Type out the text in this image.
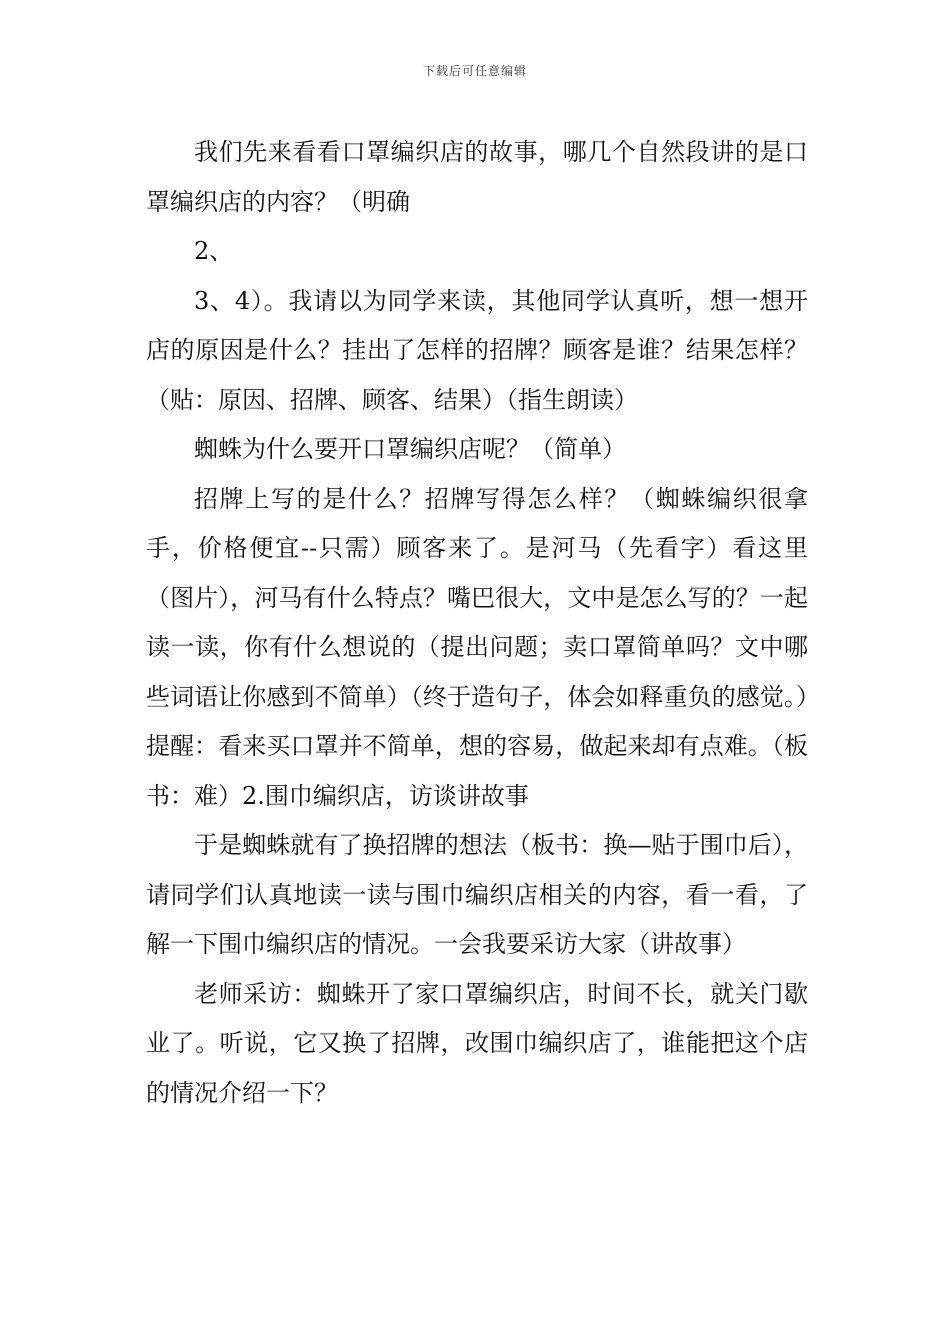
下载后可任意编辑

我们先来看看口罩编织店的故事，哪几个自然段讲的是口罩编织店的内容？（明确

2、

3、4）。我请以为同学来读，其他同学认真听，想一想开店的原因是什么？挂出了怎样的招牌？顾客是谁？结果怎样？（贴：原因、招牌、顾客、结果）（指生朗读）

蜘蛛为什么要开口罩编织店呢？（简单）

招牌上写的是什么？招牌写得怎么样？（蜘蛛编织很拿手，价格便宜--只需）顾客来了。是河马（先看字）看这里（图片），河马有什么特点？嘴巴很大，文中是怎么写的？一起读一读，你有什么想说的（提出问题；卖口罩简单吗？文中哪些词语让你感到不简单）（终于造句子，体会如释重负的感觉。）提醒：看来买口罩并不简单，想的容易，做起来却有点难。（板书：难）2.围巾编织店，访谈讲故事

于是蜘蛛就有了换招牌的想法（板书：换—贴于围巾后），请同学们认真地读一读与围巾编织店相关的内容，看一看，了解一下围巾编织店的情况。一会我要采访大家（讲故事）

老师采访：蜘蛛开了家口罩编织店，时间不长，就关门歇业了。听说，它又换了招牌，改围巾编织店了，谁能把这个店的情况介绍一下？
